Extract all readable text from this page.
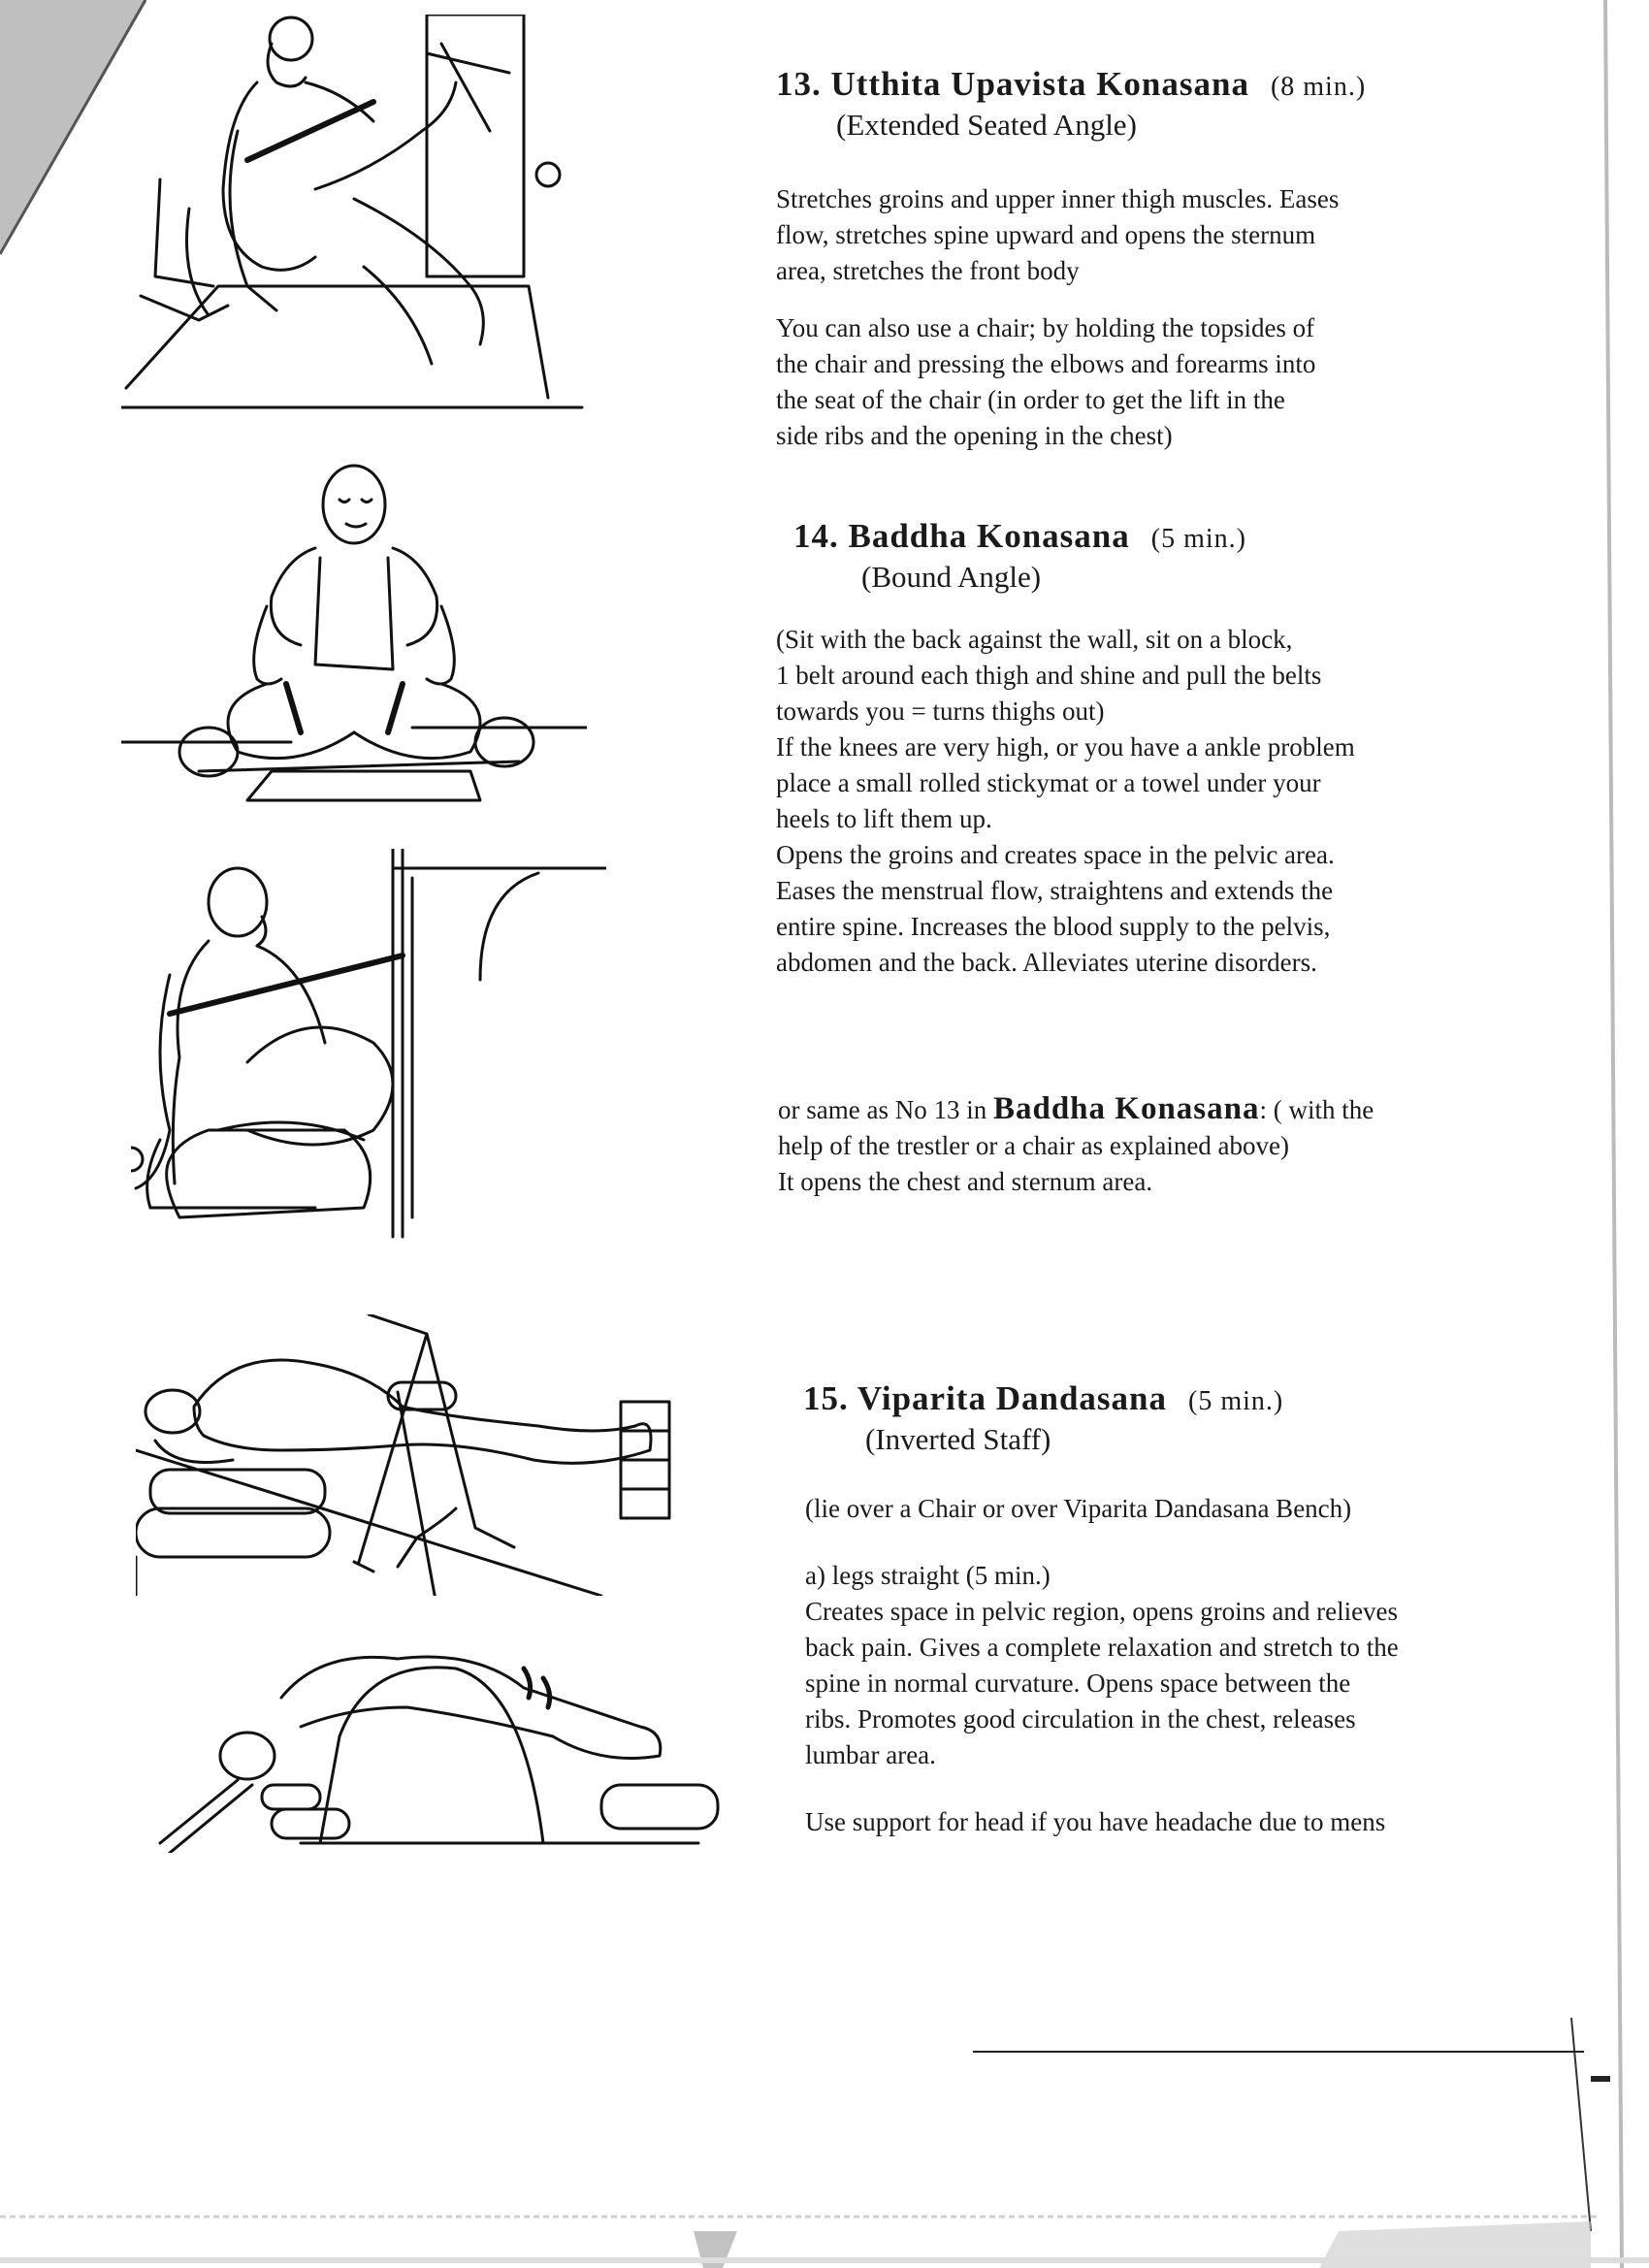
13. Utthita Upavista Konasana (8 min.)
(Extended Seated Angle)

Stretches groins and upper inner thigh muscles. Eases
flow, stretches spine upward and opens the sternum
area, stretches the front body

You can also use a chair; by holding the topsides of
the chair and pressing the elbows and forearms into
the seat of the chair (in order to get the lift in the
side ribs and the opening in the chest)

14. Baddha Konasana (5 min.)
(Bound Angle)

(Sit with the back against the wall, sit on a block,
1 belt around each thigh and shine and pull the belts
towards you = turns thighs out)
If the knees are very high, or you have a ankle problem
place a small rolled stickymat or a towel under your
heels to lift them up.
Opens the groins and creates space in the pelvic area.
Eases the menstrual flow, straightens and extends the
entire spine. Increases the blood supply to the pelvis,
abdomen and the back. Alleviates uterine disorders.

or same as No 13 in Baddha Konasana: ( with the
help of the trestler or a chair as explained above)
It opens the chest and sternum area.

15. Viparita Dandasana (5 min.)
(Inverted Staff)

(lie over a Chair or over Viparita Dandasana Bench)

a) legs straight (5 min.)
Creates space in pelvic region, opens groins and relieves
back pain. Gives a complete relaxation and stretch to the
spine in normal curvature. Opens space between the
ribs. Promotes good circulation in the chest, releases
lumbar area.

Use support for head if you have headache due to mens
